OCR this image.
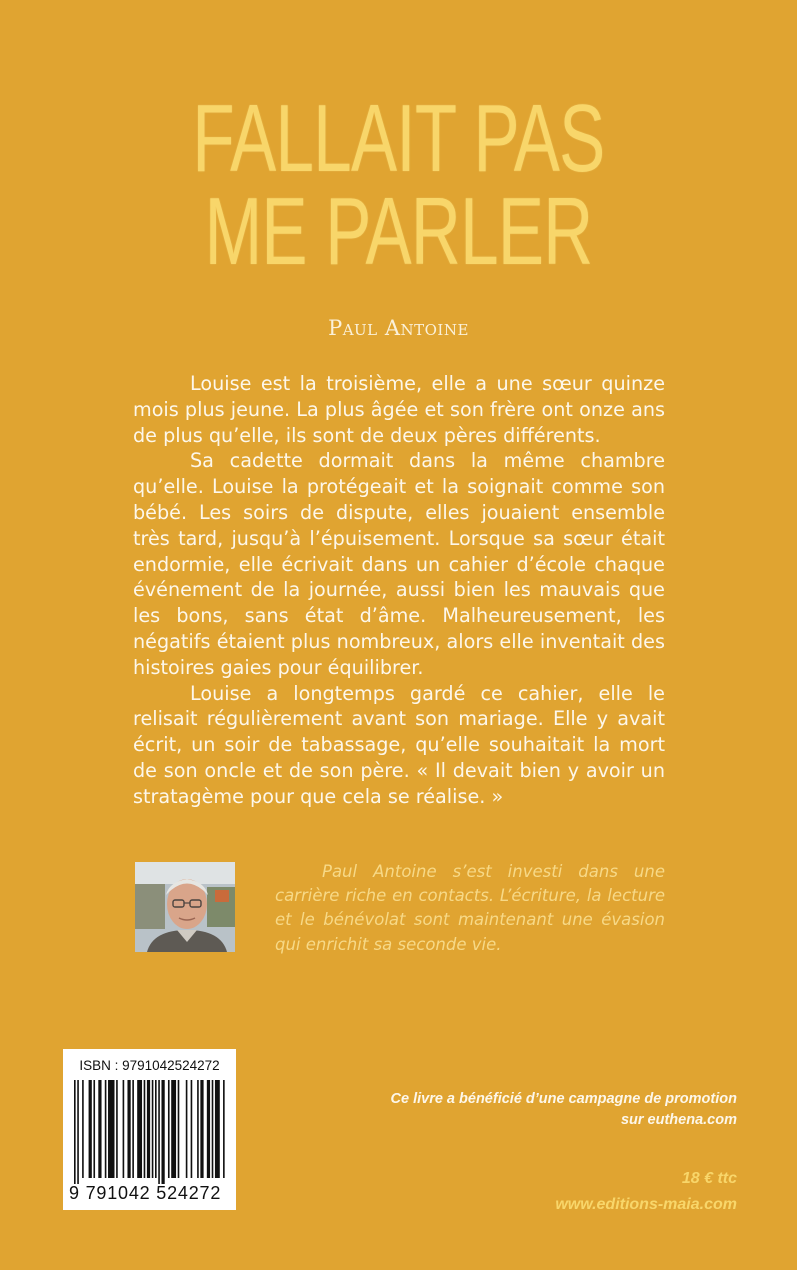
FALLAIT PAS
ME PARLER
Paul Antoine

Louise est la troisième, elle a une sœur quinze mois plus jeune. La plus âgée et son frère ont onze ans de plus qu’elle, ils sont de deux pères différents.

Sa cadette dormait dans la même chambre qu’elle. Louise la protégeait et la soignait comme son bébé. Les soirs de dispute, elles jouaient ensemble très tard, jusqu’à l’épuisement. Lorsque sa sœur était endormie, elle écrivait dans un cahier d’école chaque événement de la journée, aussi bien les mauvais que les bons, sans état d’âme. Malheureusement, les négatifs étaient plus nombreux, alors elle inventait des histoires gaies pour équilibrer.

Louise a longtemps gardé ce cahier, elle le relisait régulièrement avant son mariage. Elle y avait écrit, un soir de tabassage, qu’elle souhaitait la mort de son oncle et de son père. « Il devait bien y avoir un stratagème pour que cela se réalise. »

Paul Antoine s’est investi dans une carrière riche en contacts. L’écriture, la lecture et le bénévolat sont maintenant une évasion qui enrichit sa seconde vie.

ISBN : 9791042524272
9 791042 524272
Ce livre a bénéficié d’une campagne de promotion
sur euthena.com
18 € ttc
www.editions-maia.com
